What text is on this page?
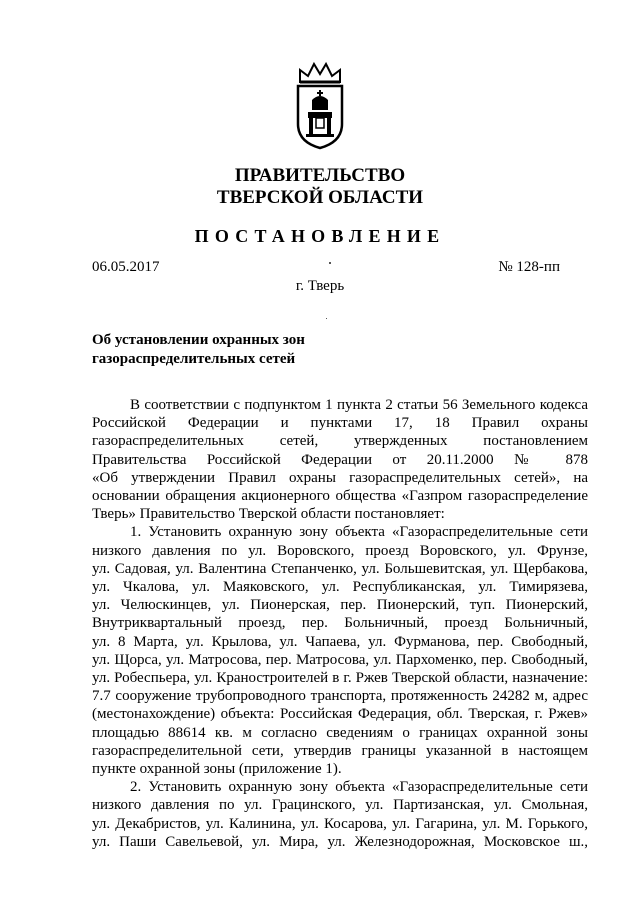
ПРАВИТЕЛЬСТВО
ТВЕРСКОЙ ОБЛАСТИ
ПОСТАНОВЛЕНИЕ
06.05.2017	№ 128-пп
г. Тверь
Об установлении охранных зон
газораспределительных сетей

В соответствии с подпунктом 1 пункта 2 статьи 56 Земельного кодекса

Российской Федерации и пунктами 17, 18 Правил охраны

газораспределительных сетей, утвержденных постановлением

Правительства Российской Федерации от 20.11.2000 № 878

«Об утверждении Правил охраны газораспределительных сетей», на

основании обращения акционерного общества «Газпром газораспределение

Тверь» Правительство Тверской области постановляет:

1. Установить охранную зону объекта «Газораспределительные сети

низкого давления по ул. Воровского, проезд Воровского, ул. Фрунзе,

ул. Садовая, ул. Валентина Степанченко, ул. Большевитская, ул. Щербакова,

ул. Чкалова, ул. Маяковского, ул. Республиканская, ул. Тимирязева,

ул. Челюскинцев, ул. Пионерская, пер. Пионерский, туп. Пионерский,

Внутриквартальный проезд, пер. Больничный, проезд Больничный,

ул. 8 Марта, ул. Крылова, ул. Чапаева, ул. Фурманова, пер. Свободный,

ул. Щорса, ул. Матросова, пер. Матросова, ул. Пархоменко, пер. Свободный,

ул. Робеспьера, ул. Краностроителей в г. Ржев Тверской области, назначение:

7.7 сооружение трубопроводного транспорта, протяженность 24282 м, адрес

(местонахождение) объекта: Российская Федерация, обл. Тверская, г. Ржев»

площадью 88614 кв. м согласно сведениям о границах охранной зоны

газораспределительной сети, утвердив границы указанной в настоящем

пункте охранной зоны (приложение 1).

2. Установить охранную зону объекта «Газораспределительные сети

низкого давления по ул. Грацинского, ул. Партизанская, ул. Смольная,

ул. Декабристов, ул. Калинина, ул. Косарова, ул. Гагарина, ул. М. Горького,

ул. Паши Савельевой, ул. Мира, ул. Железнодорожная, Московское ш.,
